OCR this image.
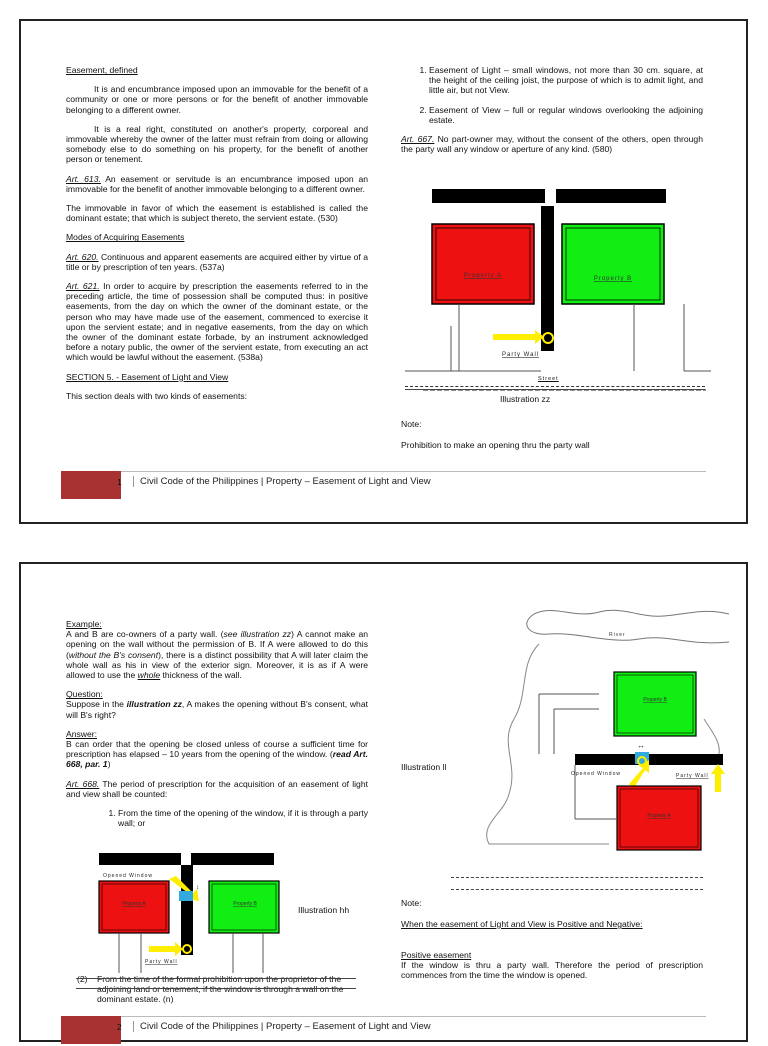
Easement, defined

It is and encumbrance imposed upon an immovable for the benefit of a community or one or more persons or for the benefit of another immovable belonging to a different owner.

It is a real right, constituted on another's property, corporeal and immovable whereby the owner of the latter must refrain from doing or allowing somebody else to do something on his property, for the benefit of another person or tenement.

Art. 613. An easement or servitude is an encumbrance imposed upon an immovable for the benefit of another immovable belonging to a different owner.

The immovable in favor of which the easement is established is called the dominant estate; that which is subject thereto, the servient estate. (530)

Modes of Acquiring Easements

Art. 620. Continuous and apparent easements are acquired either by virtue of a title or by prescription of ten years. (537a)

Art. 621. In order to acquire by prescription the easements referred to in the preceding article, the time of possession shall be computed thus: in positive easements, from the day on which the owner of the dominant estate, or the person who may have made use of the easement, commenced to exercise it upon the servient estate; and in negative easements, from the day on which the owner of the dominant estate forbade, by an instrument acknowledged before a notary public, the owner of the servient estate, from executing an act which would be lawful without the easement. (538a)

SECTION 5. - Easement of Light and View

This section deals with two kinds of easements:

1. Easement of Light – small windows, not more than 30 cm. square, at the height of the ceiling joist, the purpose of which is to admit light, and little air, but not View.
2. Easement of View – full or regular windows overlooking the adjoining estate.

Art. 667. No part-owner may, without the consent of the others, open through the party wall any window or aperture of any kind. (580)

Property A	Property B
Party Wall
Street
Illustration zz
Note:
Prohibition to make an opening thru the party wall
1	Civil Code of the Philippines | Property – Easement of Light and View

Example:

A and B are co-owners of a party wall. (see illustration zz) A cannot make an opening on the wall without the permission of B. If A were allowed to do this (without the B's consent), there is a distinct possibility that A will later claim the whole wall as his in view of the exterior sign. Moreover, it is as if A were allowed to use the whole thickness of the wall.

Question:

Suppose in the illustration zz, A makes the opening without B's consent, what will B's right?

Answer:

B can order that the opening be closed unless of course a sufficient time for prescription has elapsed – 10 years from the opening of the window. (read Art. 668, par. 1)

Art. 668. The period of prescription for the acquisition of an easement of light and view shall be counted:

1. From the time of the opening of the window, if it is through a party wall; or
Opened Window
Property A	Property B
↕
Party Wall
Illustration hh
(2) From the time of the formal prohibition upon the proprietor of the adjoining land or tenement, if the window is through a wall on the dominant estate. (n)
River
Property B
↔
Opened Window	Party Wall
Property A
Illustration ll
Note:
When the easement of Light and View is Positive and Negative:
Positive easement
If the window is thru a party wall. Therefore the period of prescription commences from the time the window is opened.
2	Civil Code of the Philippines | Property – Easement of Light and View
